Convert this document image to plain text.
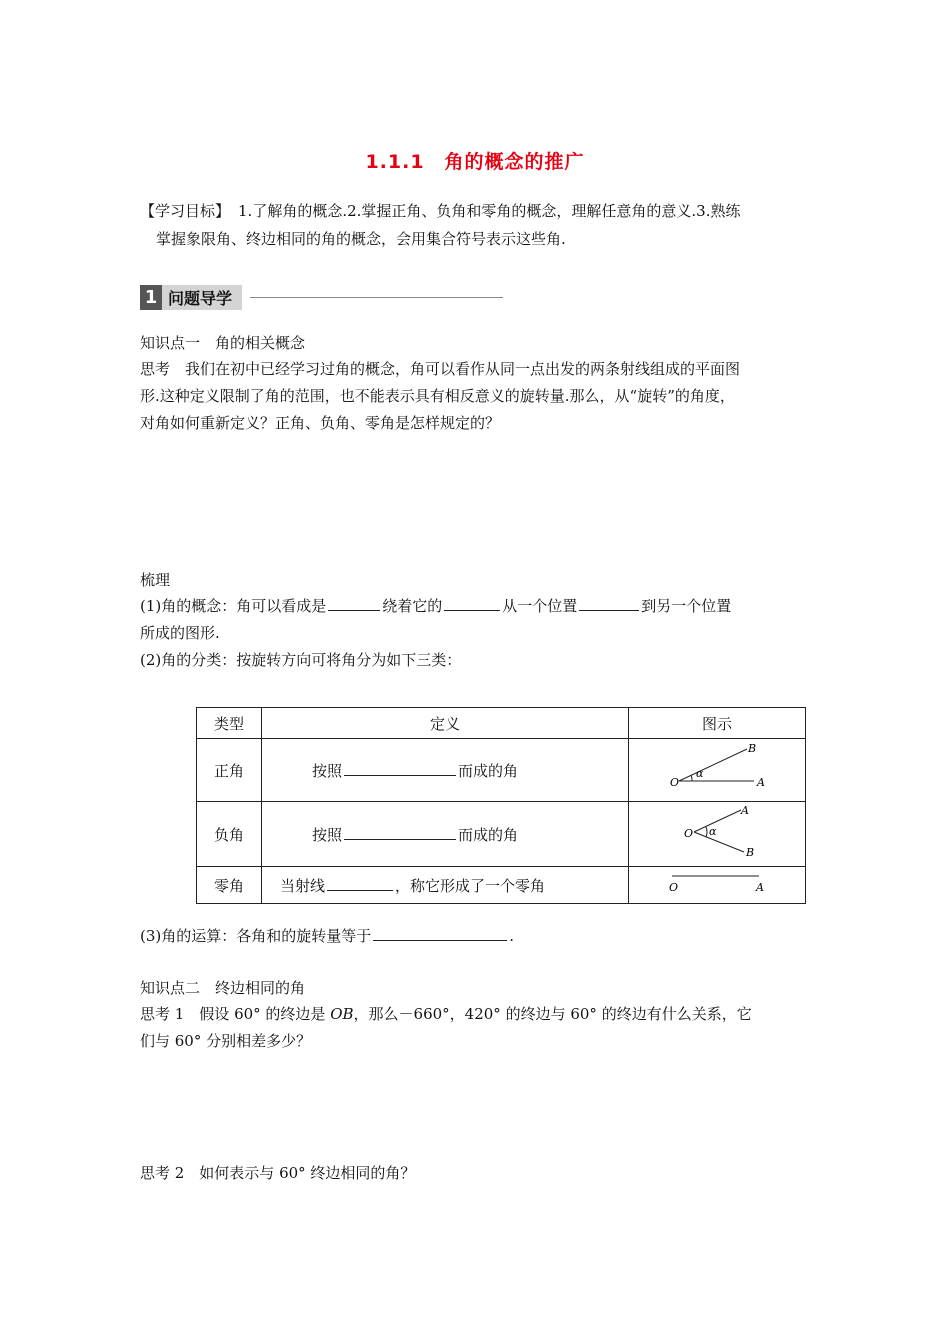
1.1.1　角的概念的推广
【学习目标】 1.了解角的概念.2.掌握正角、负角和零角的概念，理解任意角的意义.3.熟练
掌握象限角、终边相同的角的概念，会用集合符号表示这些角.
1 问题导学
知识点一　角的相关概念
思考　我们在初中已经学习过角的概念，角可以看作从同一点出发的两条射线组成的平面图
形.这种定义限制了角的范围，也不能表示具有相反意义的旋转量.那么，从“旋转”的角度，
对角如何重新定义？正角、负角、零角是怎样规定的？
梳理
(1)角的概念：角可以看成是	绕着它的	从一个位置	到另一个位置
所成的图形.
(2)角的分类：按旋转方向可将角分为如下三类：
类型	定义	图示
正角	按照 而成的角	O A
B
α

负角	按照 而成的角	O
A
B
α

零角	当射线 ，称它形成了一个零角	O A
(3)角的运算：各角和的旋转量等于	.
知识点二　终边相同的角
思考 1　假设 60° 的终边是 OB，那么－660°，420° 的终边与 60° 的终边有什么关系，它
们与 60° 分别相差多少？
思考 2　如何表示与 60° 终边相同的角？
